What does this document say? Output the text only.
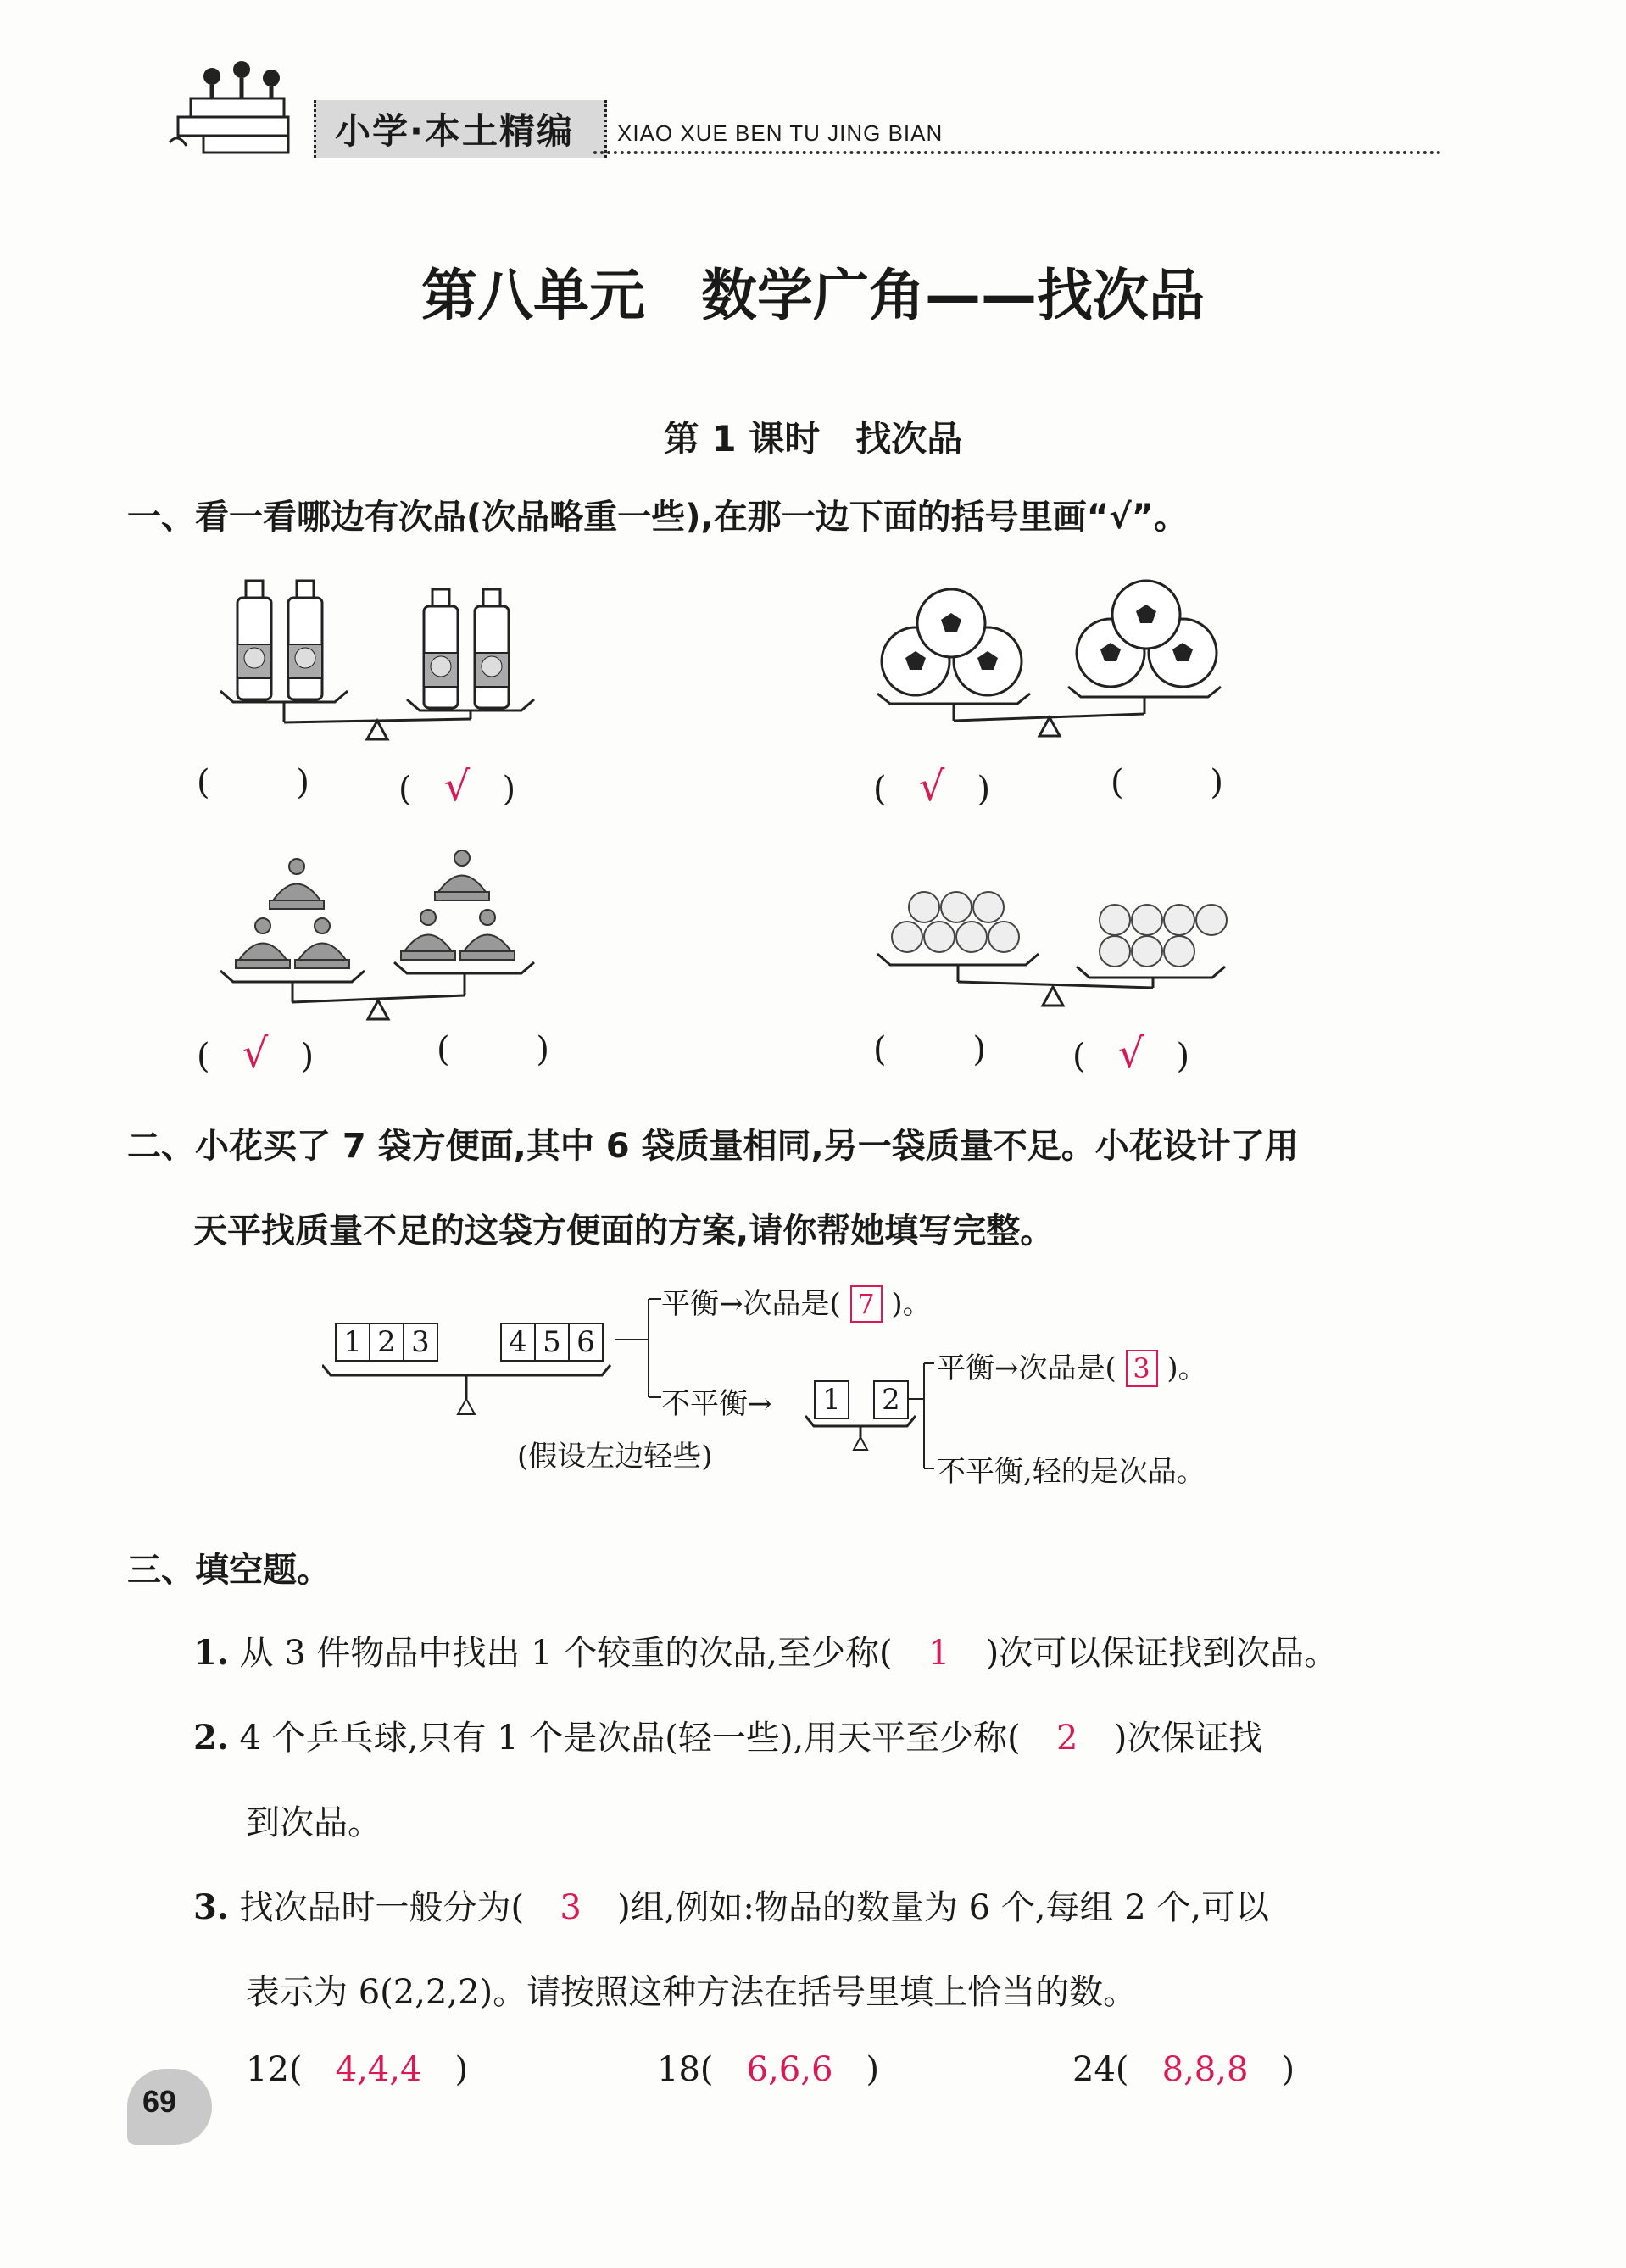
小学·本土精编 XIAO XUE BEN TU JING BIAN
第八单元　数学广角——找次品
第 1 课时　找次品
一、看一看哪边有次品(次品略重一些),在那一边下面的括号里画“√”。
(        )	(   √   )	(   √   )	(        )
(   √   )	(        )	(        )	(   √   )
二、小花买了 7 袋方便面,其中 6 袋质量相同,另一袋质量不足。小花设计了用
天平找质量不足的这袋方便面的方案,请你帮她填写完整。
1 2 3	4 5 6
平衡→次品是( 7 )。
不平衡→ 1 2
平衡→次品是( 3 )。
不平衡,轻的是次品。
(假设左边轻些)
三、填空题。
1. 从 3 件物品中找出 1 个较重的次品,至少称( 1 )次可以保证找到次品。
2. 4 个乒乓球,只有 1 个是次品(轻一些),用天平至少称( 2 )次保证找
到次品。
3. 找次品时一般分为( 3 )组,例如:物品的数量为 6 个,每组 2 个,可以
表示为 6(2,2,2)。请按照这种方法在括号里填上恰当的数。
12( 4,4,4 )	18( 6,6,6 )	24( 8,8,8 )
69
